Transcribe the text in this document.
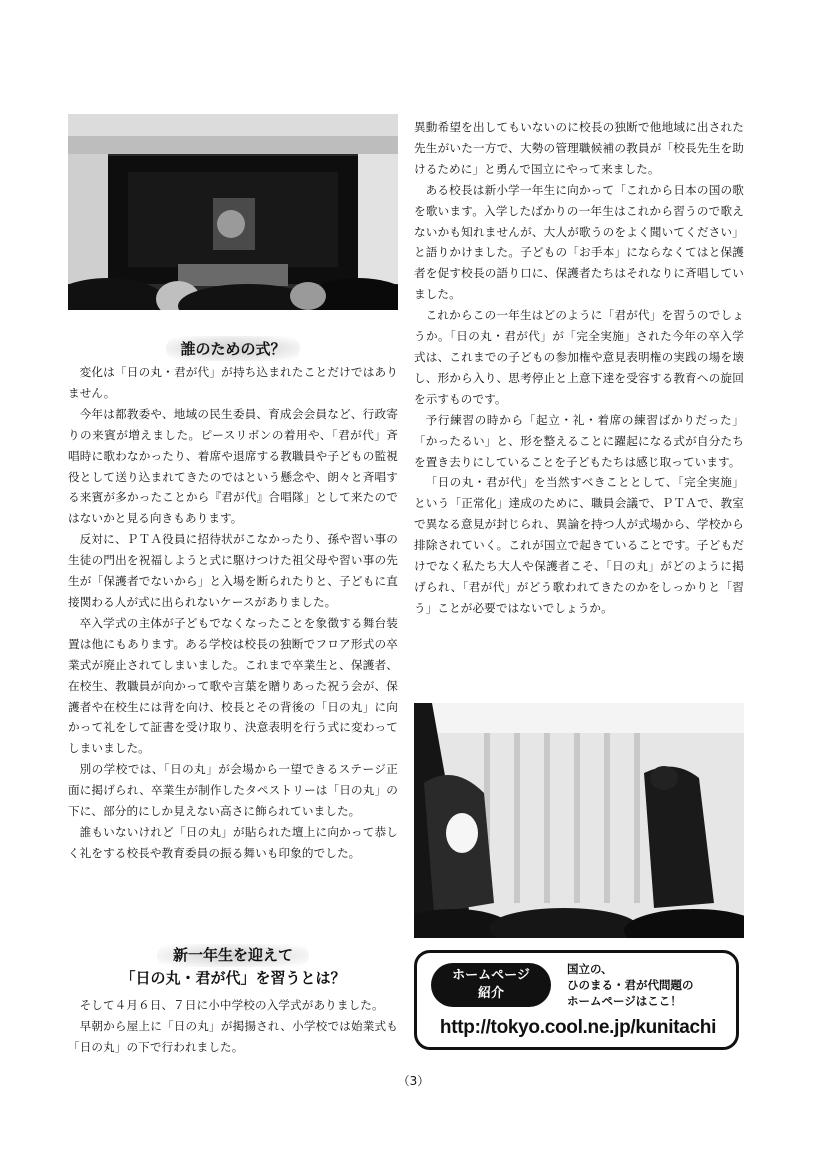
誰のための式？

変化は「日の丸・君が代」が持ち込まれたことだけではありません。

今年は都教委や、地域の民生委員、育成会会員など、行政寄りの来賓が増えました。ピースリボンの着用や、「君が代」斉唱時に歌わなかったり、着席や退席する教職員や子どもの監視役として送り込まれてきたのではという懸念や、朗々と斉唱する来賓が多かったことから『君が代』合唱隊」として来たのではないかと見る向きもあります。

反対に、ＰＴＡ役員に招待状がこなかったり、孫や習い事の生徒の門出を祝福しようと式に駆けつけた祖父母や習い事の先生が「保護者でないから」と入場を断られたりと、子どもに直接関わる人が式に出られないケースがありました。

卒入学式の主体が子どもでなくなったことを象徴する舞台装置は他にもあります。ある学校は校長の独断でフロア形式の卒業式が廃止されてしまいました。これまで卒業生と、保護者、在校生、教職員が向かって歌や言葉を贈りあった祝う会が、保護者や在校生には背を向け、校長とその背後の「日の丸」に向かって礼をして証書を受け取り、決意表明を行う式に変わってしまいました。

別の学校では、「日の丸」が会場から一望できるステージ正面に掲げられ、卒業生が制作したタペストリーは「日の丸」の下に、部分的にしか見えない高さに飾られていました。

誰もいないけれど「日の丸」が貼られた壇上に向かって恭しく礼をする校長や教育委員の振る舞いも印象的でした。

新一年生を迎えて
「日の丸・君が代」を習うとは？

そして４月６日、７日に小中学校の入学式がありました。

早朝から屋上に「日の丸」が掲揚され、小学校では始業式も「日の丸」の下で行われました。

異動希望を出してもいないのに校長の独断で他地域に出された先生がいた一方で、大勢の管理職候補の教員が「校長先生を助けるために」と勇んで国立にやって来ました。

ある校長は新小学一年生に向かって「これから日本の国の歌を歌います。入学したばかりの一年生はこれから習うので歌えないかも知れませんが、大人が歌うのをよく聞いてください」と語りかけました。子どもの「お手本」にならなくてはと保護者を促す校長の語り口に、保護者たちはそれなりに斉唱していました。

これからこの一年生はどのように「君が代」を習うのでしょうか。「日の丸・君が代」が「完全実施」された今年の卒入学式は、これまでの子どもの参加権や意見表明権の実践の場を壊し、形から入り、思考停止と上意下達を受容する教育への旋回を示すものです。

予行練習の時から「起立・礼・着席の練習ばかりだった」「かったるい」と、形を整えることに躍起になる式が自分たちを置き去りにしていることを子どもたちは感じ取っています。

「日の丸・君が代」を当然すべきこととして、「完全実施」という「正常化」達成のために、職員会議で、ＰＴＡで、教室で異なる意見が封じられ、異論を持つ人が式場から、学校から排除されていく。これが国立で起きていることです。子どもだけでなく私たち大人や保護者こそ、「日の丸」がどのように掲げられ、「君が代」がどう歌われてきたのかをしっかりと「習う」ことが必要ではないでしょうか。

ホームページ
紹介
国立の、
ひのまる・君が代問題の
ホームページはここ！
http://tokyo.cool.ne.jp/kunitachi
（3）
